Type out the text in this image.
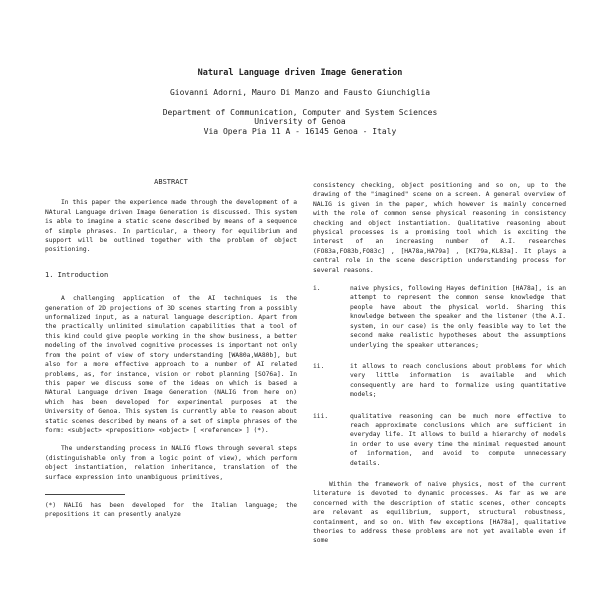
Natural Language driven Image Generation
Giovanni Adorni, Mauro Di Manzo and Fausto Giunchiglia
Department of Communication, Computer and System Sciences
University of Genoa
Via Opera Pia 11 A - 16145 Genoa - Italy
ABSTRACT

In this paper the experience made through the development of a NAtural Language driven Image Generation is discussed. This system is able to imagine a static scene described by means of a sequence of simple phrases. In particular, a theory for equilibrium and support will be outlined together with the problem of object positioning.

1. Introduction

A challenging application of the AI techniques is the generation of 2D projections of 3D scenes starting from a possibly unformalized input, as a natural language description. Apart from the practically unlimited simulation capabilities that a tool of this kind could give people working in the show business, a better modeling of the involved cognitive processes is important not only from the point of view of story understanding [WA80a,WA80b], but also for a more effective approach to a number of AI related problems, as, for instance, vision or robot planning [SO76a]. In this paper we discuss some of the ideas on which is based a NAtural Language driven Image Generation (NALIG from here on) which has been developed for experimental purposes at the University of Genoa. This system is currently able to reason about static scenes described by means of a set of simple phrases of the form: <subject> <preposition> <object> [ <reference> ] (*).

The understanding process in NALIG flows through several steps (distinguishable only from a logic point of view), which perform object instantiation, relation inheritance, translation of the surface expression into unambiguous primitives,

(*) NALIG has been developed for the Italian language; the prepositions it can presently analyze

consistency checking, object positioning and so on, up to the drawing of the "imagined" scene on a screen. A general overview of NALIG is given in the paper, which however is mainly concerned with the role of common sense physical reasoning in consistency checking and object instantiation. Qualitative reasoning about physical processes is a promising tool which is exciting the interest of an increasing number of A.I. researches (FO83a,FO83b,FO83c] , [HA78a,HA79a] , [KI79a,KL83a]. It plays a central role in the scene description understanding process for several reasons.

i.	naive physics, following Hayes definition [HA78a], is an attempt to represent the common sense knowledge that people have about the physical world. Sharing this knowledge between the speaker and the listener (the A.I. system, in our case) is the only feasible way to let the second make realistic hypotheses about the assumptions underlying the speaker utterances;
ii.	it allows to reach conclusions about problems for which very little information is available and which consequently are hard to formalize using quantitative models;
iii.	qualitative reasoning can be much more effective to reach approximate conclusions which are sufficient in everyday life. It allows to build a hierarchy of models in order to use every time the minimal requested amount of information, and avoid to compute unnecessary details.

Within the framework of naive physics, most of the current literature is devoted to dynamic processes. As far as we are concerned with the description of static scenes, other concepts are relevant as equilibrium, support, structural robustness, containment, and so on. With few exceptions [HA78a], qualitative theories to address these problems are not yet available even if some
